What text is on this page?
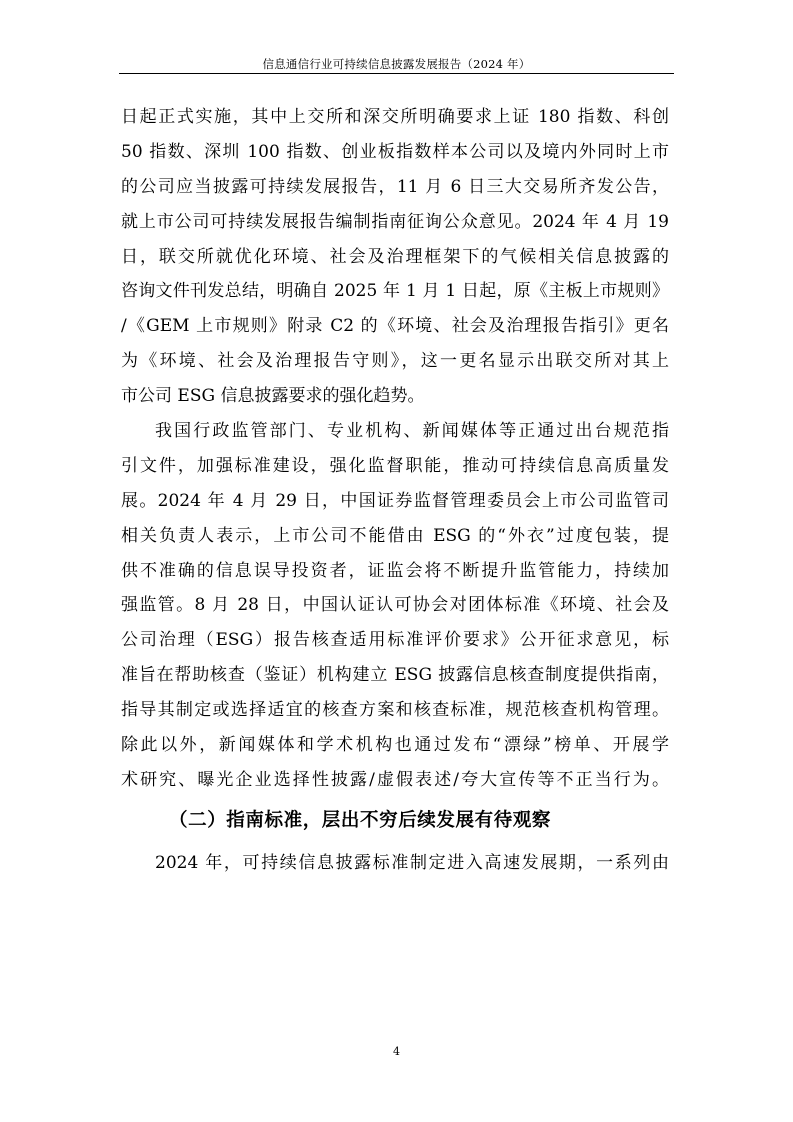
信息通信行业可持续信息披露发展报告（2024 年）
日起正式实施，其中上交所和深交所明确要求上证 180 指数、科创
50 指数、深圳 100 指数、创业板指数样本公司以及境内外同时上市
的公司应当披露可持续发展报告，11 月 6 日三大交易所齐发公告，
就上市公司可持续发展报告编制指南征询公众意见。2024 年 4 月 19
日，联交所就优化环境、社会及治理框架下的气候相关信息披露的
咨询文件刊发总结，明确自 2025 年 1 月 1 日起，原《主板上市规则》
/《GEM 上市规则》附录 C2 的《环境、社会及治理报告指引》更名
为《环境、社会及治理报告守则》，这一更名显示出联交所对其上
市公司 ESG 信息披露要求的强化趋势。
我国行政监管部门、专业机构、新闻媒体等正通过出台规范指
引文件，加强标准建设，强化监督职能，推动可持续信息高质量发
展。2024 年 4 月 29 日，中国证券监督管理委员会上市公司监管司
相关负责人表示，上市公司不能借由 ESG 的“外衣”过度包装，提
供不准确的信息误导投资者，证监会将不断提升监管能力，持续加
强监管。8 月 28 日，中国认证认可协会对团体标准《环境、社会及
公司治理（ESG）报告核查适用标准评价要求》公开征求意见，标
准旨在帮助核查（鉴证）机构建立 ESG 披露信息核查制度提供指南，
指导其制定或选择适宜的核查方案和核查标准，规范核查机构管理。
除此以外，新闻媒体和学术机构也通过发布“漂绿”榜单、开展学
术研究、曝光企业选择性披露/虚假表述/夸大宣传等不正当行为。
（二）指南标准，层出不穷后续发展有待观察
2024 年，可持续信息披露标准制定进入高速发展期，一系列由
4
